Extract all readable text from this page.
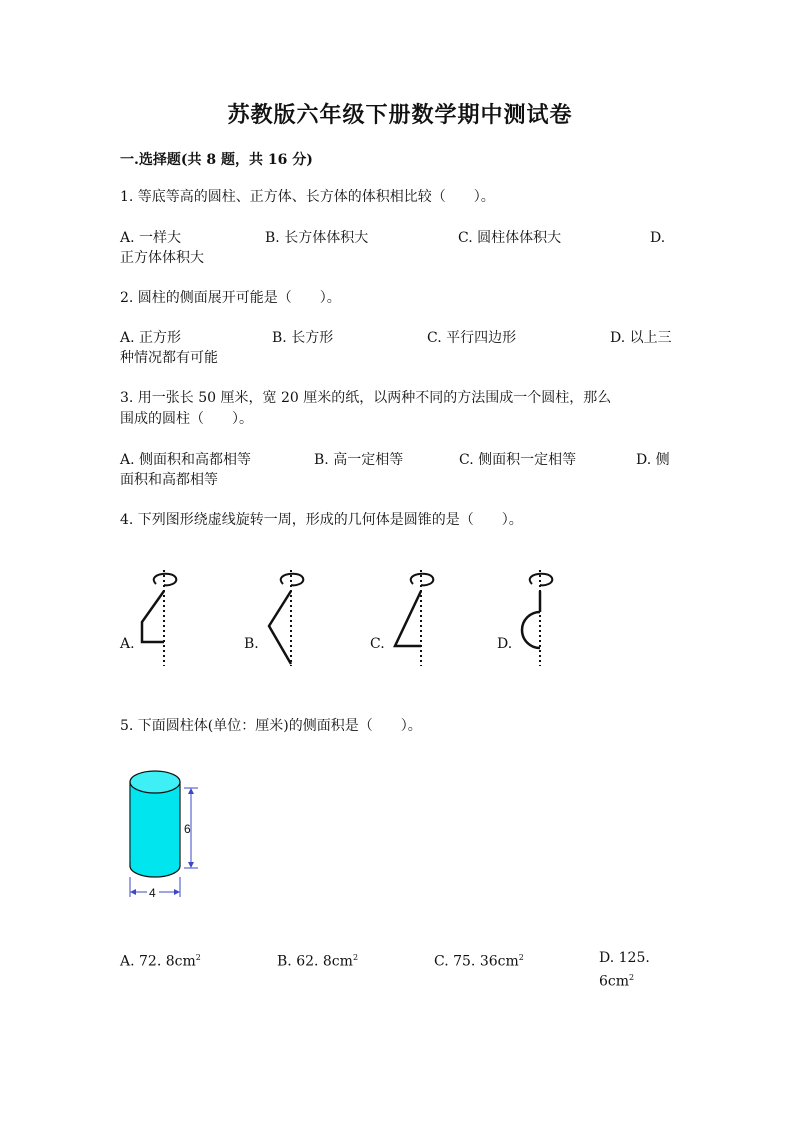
苏教版六年级下册数学期中测试卷
一.选择题(共 8 题，共 16 分)
1. 等底等高的圆柱、正方体、长方体的体积相比较（　　）。
A. 一样大	B. 长方体体积大	C. 圆柱体体积大	D.
正方体体积大
2. 圆柱的侧面展开可能是（　　）。
A. 正方形	B. 长方形	C. 平行四边形	D. 以上三
种情况都有可能
3. 用一张长 50 厘米，宽 20 厘米的纸，以两种不同的方法围成一个圆柱，那么
围成的圆柱（　　）。
A. 侧面积和高都相等	B. 高一定相等	C. 侧面积一定相等	D. 侧
面积和高都相等
4. 下列图形绕虚线旋转一周，形成的几何体是圆锥的是（　　）。
A.	B.	C.	D.
5. 下面圆柱体(单位：厘米)的侧面积是（　　）。
6
4
A. 72. $8cm^2$	B. 62. $8cm^2$	C. 75. $36cm^2$	D. 125. $6cm^2$
